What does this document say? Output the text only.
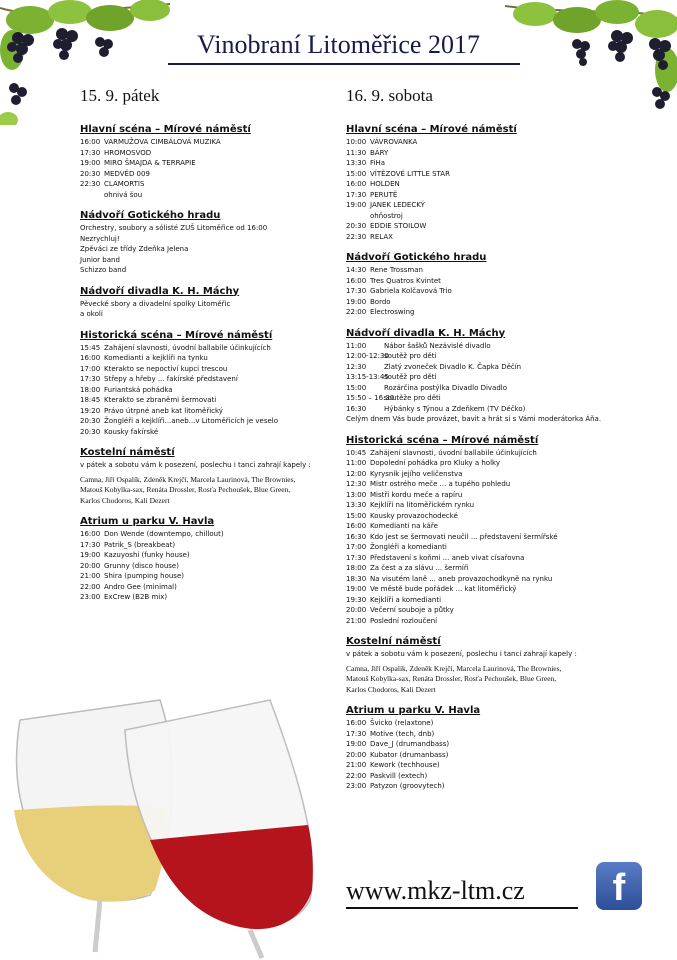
Vinobraní Litoměřice 2017
15. 9. pátek
Hlavní scéna – Mírové náměstí
16:00 VARMUŽOVA CIMBÁLOVÁ MUZIKA
17:30 HROMOSVOD
19:00 MIRO ŠMAJDA & TERRAPIE
20:30 MEDVĚD 009
22:30 CLAMORTIS
ohnivá šou
Nádvoří Gotického hradu
Orchestry, soubory a sólisté ZUŠ Litoměřice od 16:00
Nezrychluj!
Zpěváci ze třídy Zdeňka Jelena
Junior band
Schizzo band
Nádvoří divadla K. H. Máchy
Pěvecké sbory a divadelní spolky Litoměřic
a okolí
Historická scéna – Mírové náměstí
15:45 Zahájení slavnosti, úvodní ballabile účinkujících
16:00 Komedianti a kejklíři na tynku
17:00 Kterakto se nepoctiví kupci trescou
17:30 Střepy a hřeby ... fakírské představení
18:00 Furiantská pohádka
18:45 Kterakto se zbraněmi šermovati
19:20 Právo útrpné aneb kat litoměřický
20:30 Žongléři a kejklíři...aneb...v Litoměřicích je veselo
20:30 Kousky fakírské
Kostelní náměstí
v pátek a sobotu vám k posezení, poslechu i tanci zahrají kapely :
Camna, Jiří Ospalík, Zdeněk Krejčí, Marcela Laurinová, The Brownies,
Matouš Kobylka-sax, Renáta Drossler, Rosťa Pechoušek, Blue Green,
Karlos Chodoros, Kali Dezert
Atrium u parku V. Havla
16:00 Don Wende (downtempo, chillout)
17:30 Patrik_S (breakbeat)
19:00 Kazuyoshi (funky house)
20:00 Grunny (disco house)
21:00 Shira (pumping house)
22:00 Andro Gee (minimal)
23:00 ExCrew (B2B mix)
16. 9. sobota
Hlavní scéna – Mírové náměstí
10:00 VÁVROVANKA
11:30 BÁRY
13:30 FiHa
15:00 VÍTĚZOVÉ LITTLE STAR
16:00 HOLDEN
17:30 PERUTĚ
19:00 JANEK LEDECKÝ
ohňostroj
20:30 EDDIE STOILOW
22:30 RELAX
Nádvoří Gotického hradu
14:30 Rene Trossman
16:00 Tres Quatros Kvintet
17:30 Gabriela Kolčavová Trio
19:00 Bordo
22:00 Electroswing
Nádvoří divadla K. H. Máchy
11:00	Nábor šašků Nezávislé divadlo
12:00-12:30
soutěž pro děti
12:30	Zlatý zvoneček Divadlo K. Čapka Děčín
13:15-13:45
soutěž pro děti
15:00	Rozárčina postýlka Divadlo Divadlo
15:50 – 16:30
soutěže pro děti
16:30	Hýbánky s Týnou a Zdeňkem (TV Déčko)
Celým dnem Vás bude provázet, bavit a hrát si s Vámi moderátorka Áňa.
Historická scéna – Mírové náměstí
10:45 Zahájení slavnosti, úvodní ballabile účinkujících
11:00 Dopolední pohádka pro Kluky a holky
12:00 Kyrysník jejího veličenstva
12:30 Mistr ostrého meče ... a tupého pohledu
13:00 Mistři kordu meče a rapíru
13:30 Kejklíři na litoměřickém rynku
15:00 Kousky provazochodecké
16:00 Komedianti na káře
16:30 Kdo jest se šermovati neučil ... představení šermířské
17:00 Žongléři a komedianti
17:30 Představení s koňmi ... aneb vivat císařovna
18:00 Za čest a za slávu ... šermíři
18:30 Na visutém laně ... aneb provazochodkyně na rynku
19:00 Ve městě bude pořádek ... kat litoměřický
19:30 Kejklíři a komedianti
20:00 Večerní souboje a půtky
21:00 Poslední rozloučení
Kostelní náměstí
v pátek a sobotu vám k posezení, poslechu i tanci zahrají kapely :
Camna, Jiří Ospalík, Zdeněk Krejčí, Marcela Laurinová, The Brownies,
Matouš Kobylka-sax, Renáta Drossler, Rosťa Pechoušek, Blue Green,
Karlos Chodoros, Kali Dezert
Atrium u parku V. Havla
16:00 Švicko (relaxtone)
17:30 Motive (tech, dnb)
19:00 Dave_J (drumandbass)
20:00 Kubator (drumanbass)
21:00 Kework (techhouse)
22:00 Paskvill (extech)
23:00 Patyzon (groovytech)
www.mkz-ltm.cz	f
